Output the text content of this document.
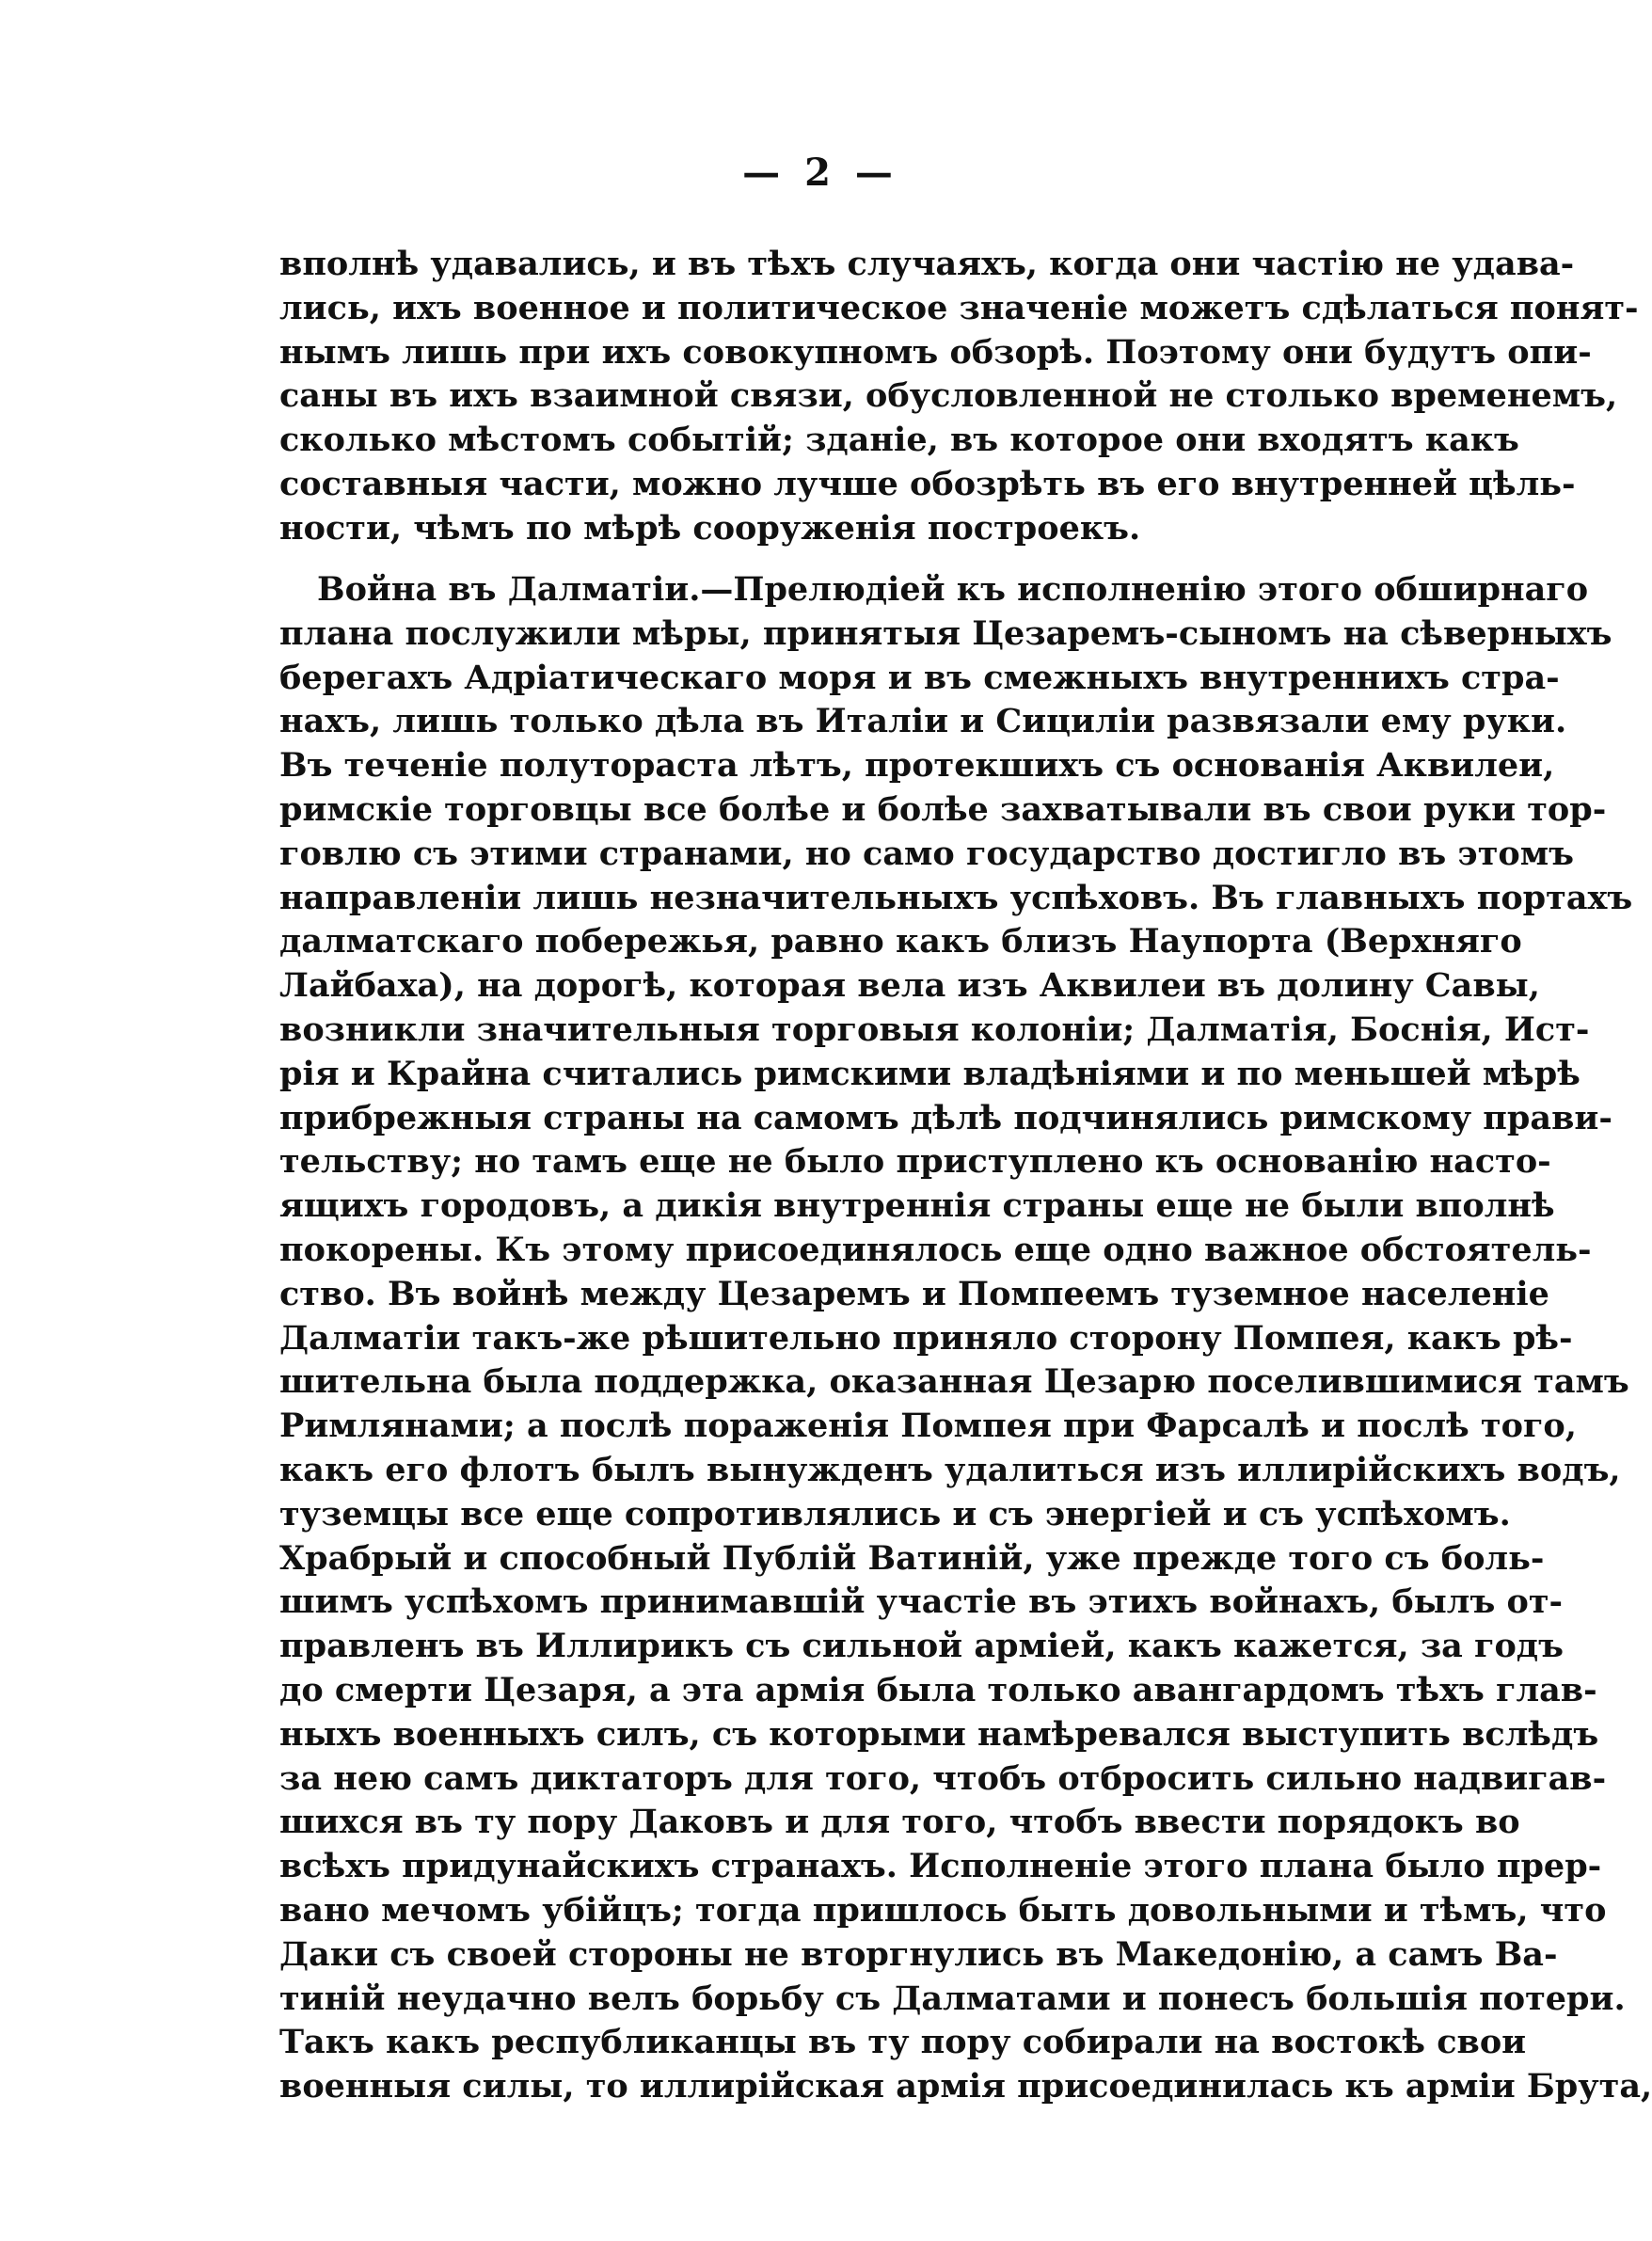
— 2 —
вполнѣ удавались, и въ тѣхъ случаяхъ, когда они частію не удава-
лись, ихъ военное и политическое значеніе можетъ сдѣлаться понят-
нымъ лишь при ихъ совокупномъ обзорѣ. Поэтому они будутъ опи-
саны въ ихъ взаимной связи, обусловленной не столько временемъ,
сколько мѣстомъ событій; зданіе, въ которое они входятъ какъ
составныя части, можно лучше обозрѣть въ его внутренней цѣль-
ности, чѣмъ по мѣрѣ сооруженія построекъ.
Война въ Далматіи.—Прелюдіей къ исполненію этого обширнаго
плана послужили мѣры, принятыя Цезаремъ-сыномъ на сѣверныхъ
берегахъ Адріатическаго моря и въ смежныхъ внутреннихъ стра-
нахъ, лишь только дѣла въ Италіи и Сициліи развязали ему руки.
Въ теченіе полутораста лѣтъ, протекшихъ съ основанія Аквилеи,
римскіе торговцы все болѣе и болѣе захватывали въ свои руки тор-
говлю съ этими странами, но само государство достигло въ этомъ
направленіи лишь незначительныхъ успѣховъ. Въ главныхъ портахъ
далматскаго побережья, равно какъ близъ Наупорта (Верхняго
Лайбаха), на дорогѣ, которая вела изъ Аквилеи въ долину Савы,
возникли значительныя торговыя колоніи; Далматія, Боснія, Ист-
рія и Крайна считались римскими владѣніями и по меньшей мѣрѣ
прибрежныя страны на самомъ дѣлѣ подчинялись римскому прави-
тельству; но тамъ еще не было приступлено къ основанію насто-
ящихъ городовъ, а дикія внутреннія страны еще не были вполнѣ
покорены. Къ этому присоединялось еще одно важное обстоятель-
ство. Въ войнѣ между Цезаремъ и Помпеемъ туземное населеніе
Далматіи такъ-же рѣшительно приняло сторону Помпея, какъ рѣ-
шительна была поддержка, оказанная Цезарю поселившимися тамъ
Римлянами; а послѣ пораженія Помпея при Фарсалѣ и послѣ того,
какъ его флотъ былъ вынужденъ удалиться изъ иллирійскихъ водъ,
туземцы все еще сопротивлялись и съ энергіей и съ успѣхомъ.
Храбрый и способный Публій Ватиній, уже прежде того съ боль-
шимъ успѣхомъ принимавшій участіе въ этихъ войнахъ, былъ от-
правленъ въ Иллирикъ съ сильной арміей, какъ кажется, за годъ
до смерти Цезаря, а эта армія была только авангардомъ тѣхъ глав-
ныхъ военныхъ силъ, съ которыми намѣревался выступить вслѣдъ
за нею самъ диктаторъ для того, чтобъ отбросить сильно надвигав-
шихся въ ту пору Даковъ и для того, чтобъ ввести порядокъ во
всѣхъ придунайскихъ странахъ. Исполненіе этого плана было прер-
вано мечомъ убійцъ; тогда пришлось быть довольными и тѣмъ, что
Даки съ своей стороны не вторгнулись въ Македонію, а самъ Ва-
тиній неудачно велъ борьбу съ Далматами и понесъ большія потери.
Такъ какъ республиканцы въ ту пору собирали на востокѣ свои
военныя силы, то иллирійская армія присоединилась къ арміи Брута,
